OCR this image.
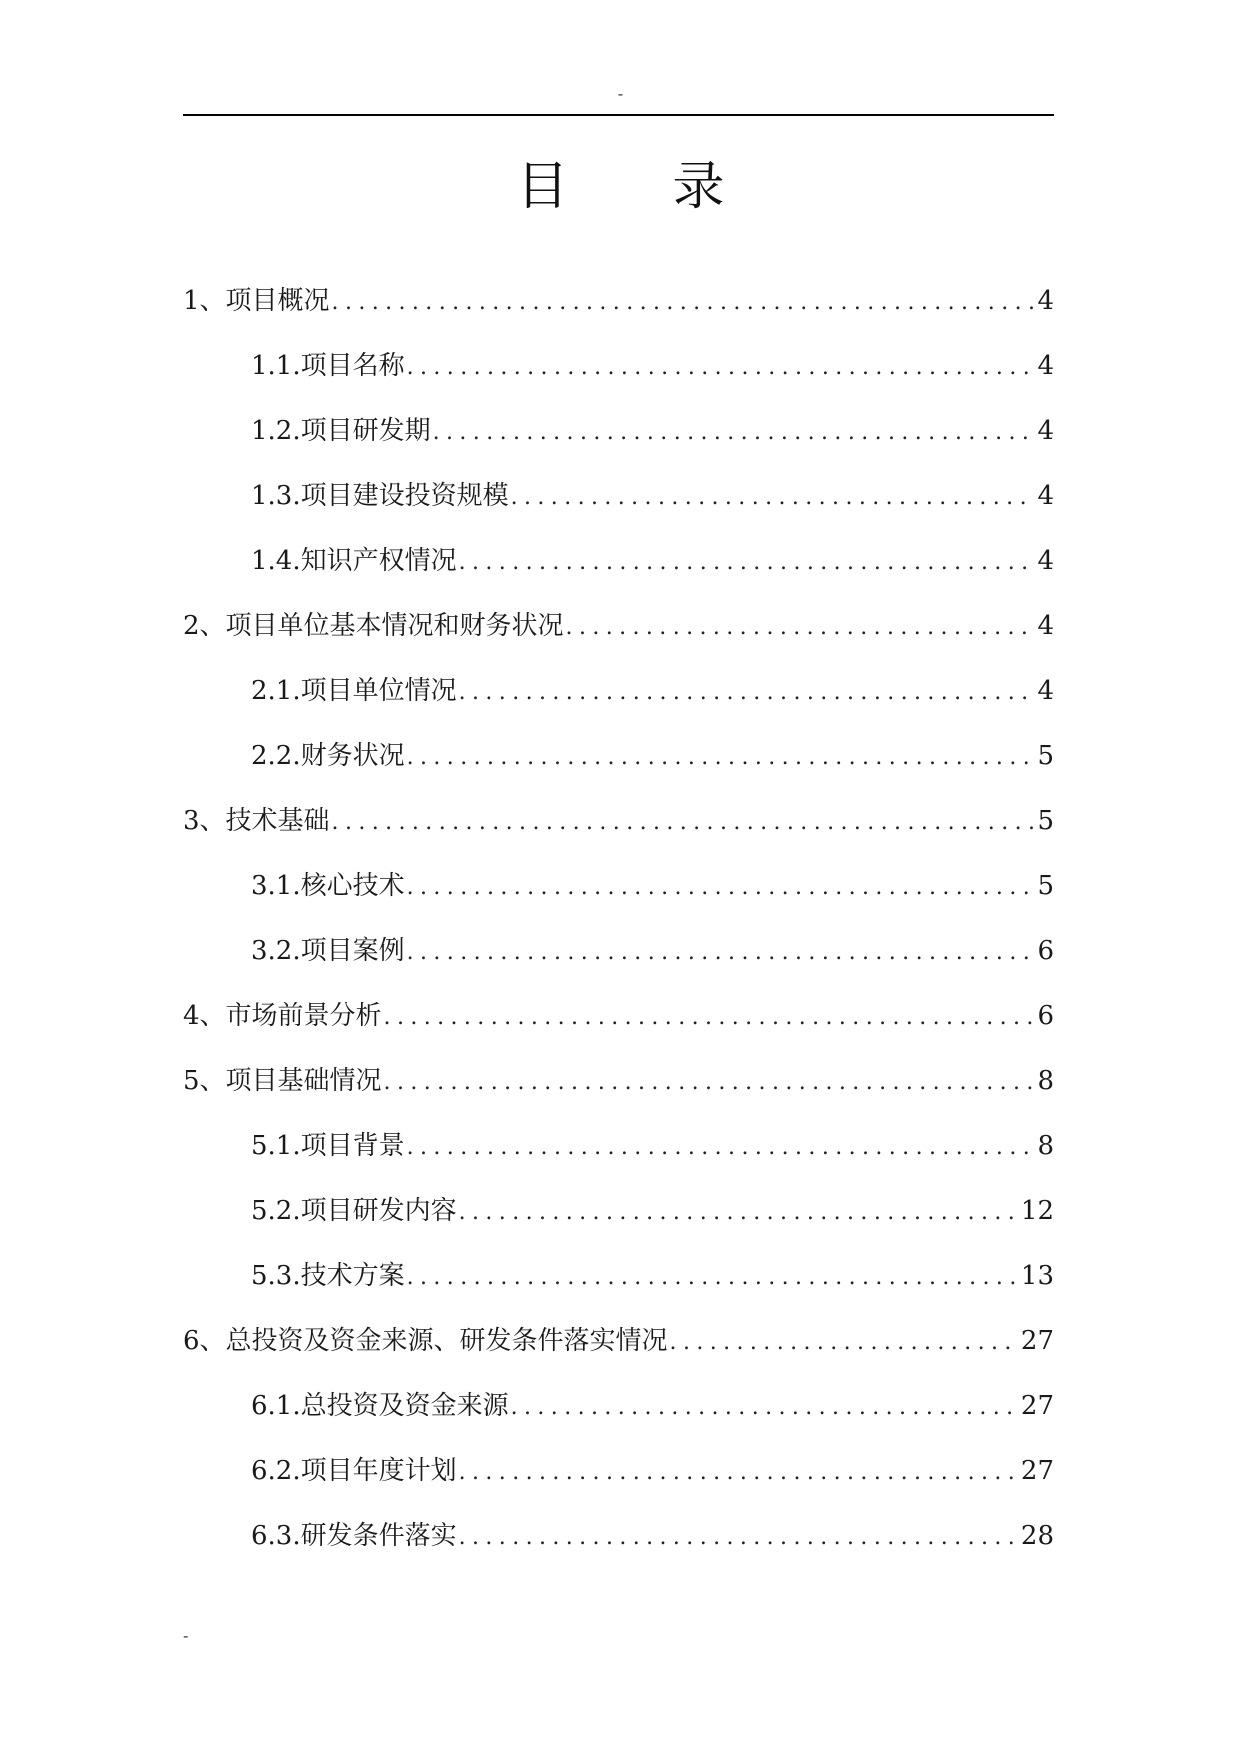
-
目 录
1、项目概况 .....	4
1.1.项目名称 .....	4
1.2.项目研发期 .....	4
1.3.项目建设投资规模 .....	4
1.4.知识产权情况 .....	4
2、项目单位基本情况和财务状况 .....	4
2.1.项目单位情况 .....	4
2.2.财务状况 .....	5
3、技术基础 .....	5
3.1.核心技术 .....	5
3.2.项目案例 .....	6
4、市场前景分析 .....	6
5、项目基础情况 .....	8
5.1.项目背景 .....	8
5.2.项目研发内容 .....	12
5.3.技术方案 .....	13
6、总投资及资金来源、研发条件落实情况 .....	27
6.1.总投资及资金来源 .....	27
6.2.项目年度计划 .....	27
6.3.研发条件落实 .....	28
-
